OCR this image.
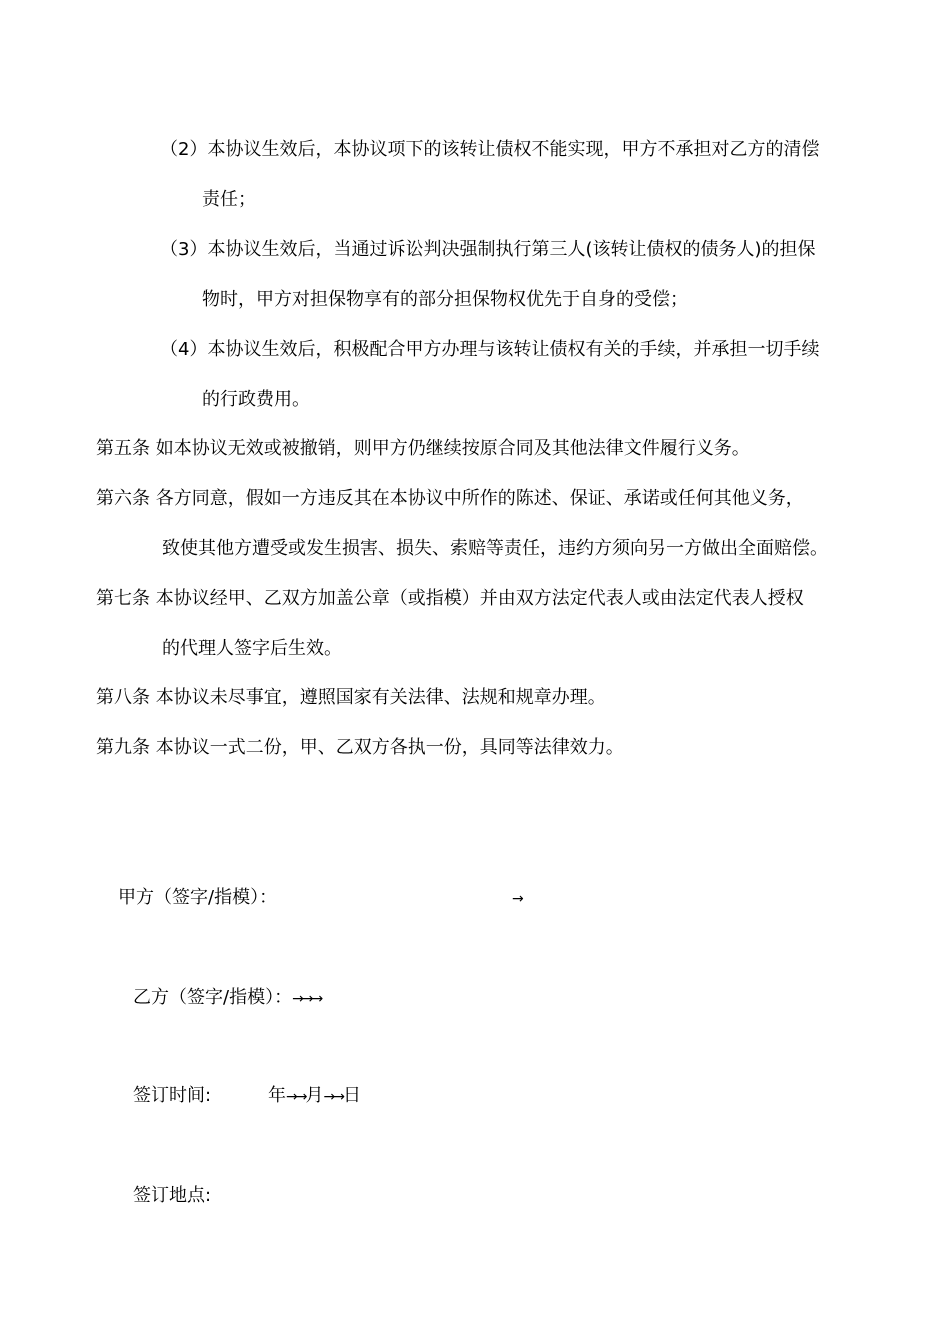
（2）本协议生效后，本协议项下的该转让债权不能实现，甲方不承担对乙方的清偿
责任；
（3）本协议生效后，当通过诉讼判决强制执行第三人(该转让债权的债务人)的担保
物时，甲方对担保物享有的部分担保物权优先于自身的受偿；
（4）本协议生效后，积极配合甲方办理与该转让债权有关的手续，并承担一切手续
的行政费用。
第五条 如本协议无效或被撤销，则甲方仍继续按原合同及其他法律文件履行义务。
第六条 各方同意，假如一方违反其在本协议中所作的陈述、保证、承诺或任何其他义务，
致使其他方遭受或发生损害、损失、索赔等责任，违约方须向另一方做出全面赔偿。
第七条 本协议经甲、乙双方加盖公章（或指模）并由双方法定代表人或由法定代表人授权
的代理人签字后生效。
第八条 本协议未尽事宜，遵照国家有关法律、法规和规章办理。
第九条 本协议一式二份，甲、乙双方各执一份，具同等法律效力。
甲方（签字/指模）：	→
乙方（签字/指模）：→→→
签订时间:	年→→月→→日
签订地点:
